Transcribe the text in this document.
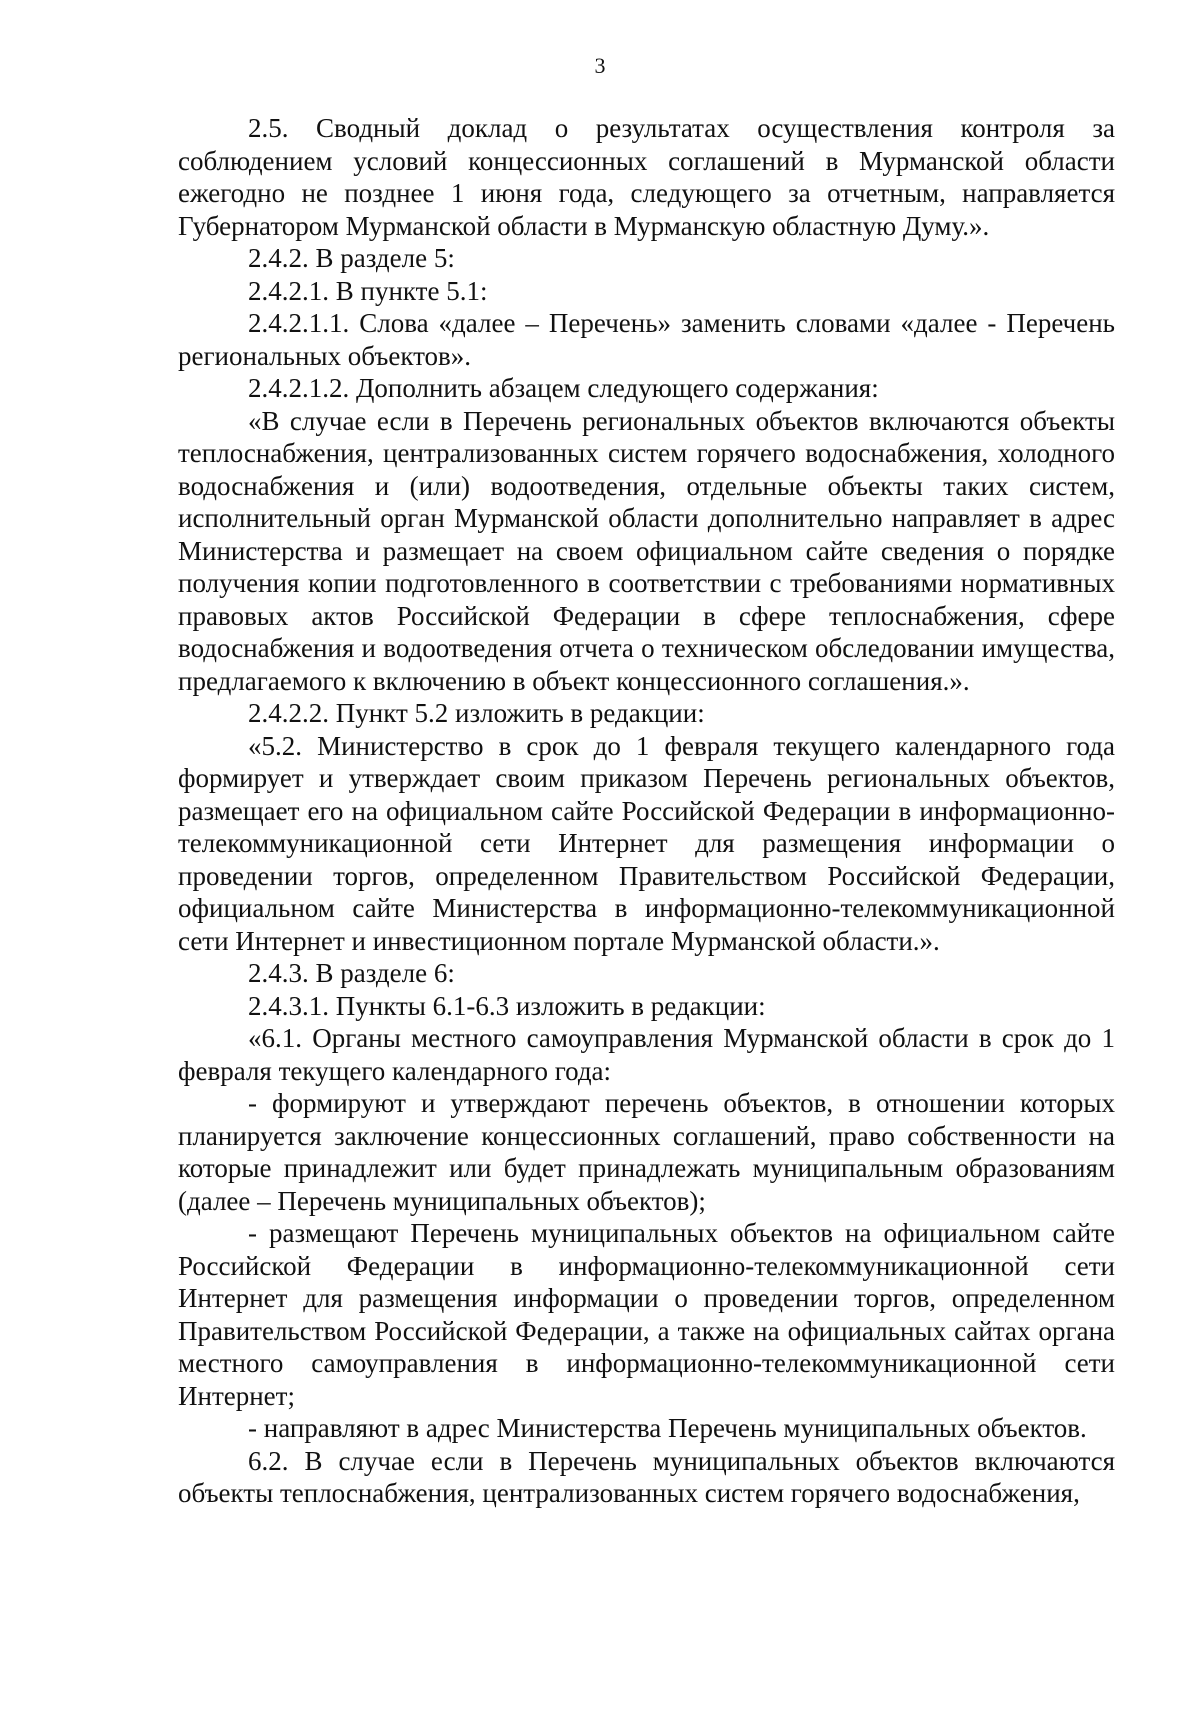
3

2.5. Сводный доклад о результатах осуществления контроля за соблюдением условий концессионных соглашений в Мурманской области ежегодно не позднее 1 июня года, следующего за отчетным, направляется Губернатором Мурманской области в Мурманскую областную Думу.».

2.4.2. В разделе 5:

2.4.2.1. В пункте 5.1:

2.4.2.1.1. Слова «далее – Перечень» заменить словами «далее - Перечень региональных объектов».

2.4.2.1.2. Дополнить абзацем следующего содержания:

«В случае если в Перечень региональных объектов включаются объекты теплоснабжения, централизованных систем горячего водоснабжения, холодного водоснабжения и (или) водоотведения, отдельные объекты таких систем, исполнительный орган Мурманской области дополнительно направляет в адрес Министерства и размещает на своем официальном сайте сведения о порядке получения копии подготовленного в соответствии с требованиями нормативных правовых актов Российской Федерации в сфере теплоснабжения, сфере водоснабжения и водоотведения отчета о техническом обследовании имущества, предлагаемого к включению в объект концессионного соглашения.».

2.4.2.2. Пункт 5.2 изложить в редакции:

«5.2. Министерство в срок до 1 февраля текущего календарного года формирует и утверждает своим приказом Перечень региональных объектов, размещает его на официальном сайте Российской Федерации в информационно-телекоммуникационной сети Интернет для размещения информации о проведении торгов, определенном Правительством Российской Федерации, официальном сайте Министерства в информационно-телекоммуникационной сети Интернет и инвестиционном портале Мурманской области.».

2.4.3. В разделе 6:

2.4.3.1. Пункты 6.1-6.3 изложить в редакции:

«6.1. Органы местного самоуправления Мурманской области в срок до 1 февраля текущего календарного года:

- формируют и утверждают перечень объектов, в отношении которых планируется заключение концессионных соглашений, право собственности на которые принадлежит или будет принадлежать муниципальным образованиям (далее – Перечень муниципальных объектов);

- размещают Перечень муниципальных объектов на официальном сайте Российской Федерации в информационно-телекоммуникационной сети Интернет для размещения информации о проведении торгов, определенном Правительством Российской Федерации, а также на официальных сайтах органа местного самоуправления в информационно-телекоммуникационной сети Интернет;

- направляют в адрес Министерства Перечень муниципальных объектов.

6.2. В случае если в Перечень муниципальных объектов включаются объекты теплоснабжения, централизованных систем горячего водоснабжения,
